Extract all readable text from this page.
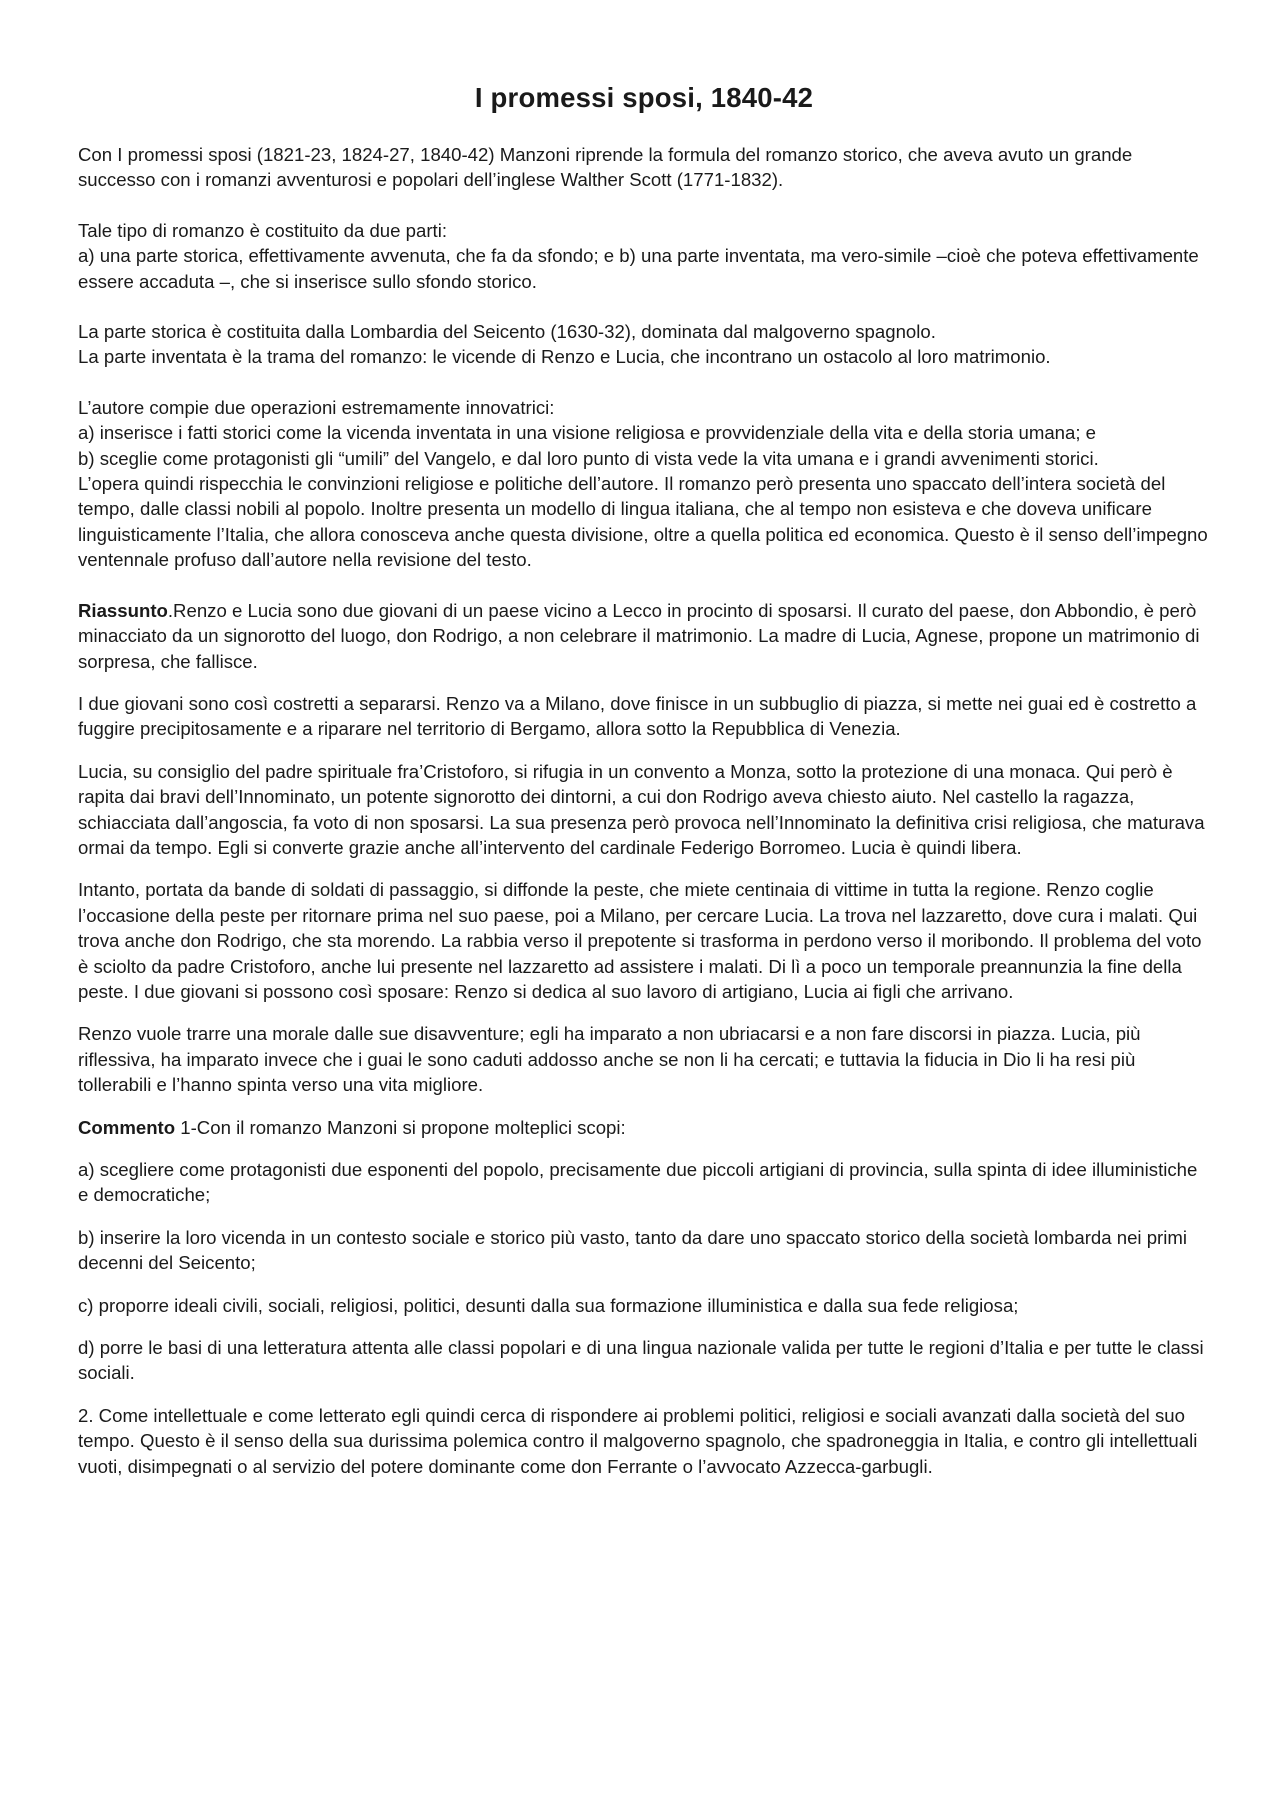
I promessi sposi, 1840-42

Con I promessi sposi (1821-23, 1824-27, 1840-42) Manzoni riprende la formula del romanzo storico, che aveva avuto un grande successo con i romanzi avventurosi e popolari dell’inglese Walther Scott (1771-1832).

Tale tipo di romanzo è costituito da due parti:

a) una parte storica, effettivamente avvenuta, che fa da sfondo; e b) una parte inventata, ma vero-simile –cioè che poteva effettivamente essere accaduta –, che si inserisce sullo sfondo storico.

La parte storica è costituita dalla Lombardia del Seicento (1630-32), dominata dal malgoverno spagnolo.

La parte inventata è la trama del romanzo: le vicende di Renzo e Lucia, che incontrano un ostacolo al loro matrimonio.

L’autore compie due operazioni estremamente innovatrici:

a) inserisce i fatti storici come la vicenda inventata in una visione religiosa e provvidenziale della vita e della storia umana; e

b) sceglie come protagonisti gli “umili” del Vangelo, e dal loro punto di vista vede la vita umana e i grandi avvenimenti storici.

L’opera quindi rispecchia le convinzioni religiose e politiche dell’autore. Il romanzo però presenta uno spaccato dell’intera società del tempo, dalle classi nobili al popolo. Inoltre presenta un modello di lingua italiana, che al tempo non esisteva e che doveva unificare linguisticamente l’Italia, che allora conosceva anche questa divisione, oltre a quella politica ed economica. Questo è il senso dell’impegno ventennale profuso dall’autore nella revisione del testo.

Riassunto.Renzo e Lucia sono due giovani di un paese vicino a Lecco in procinto di sposarsi. Il curato del paese, don Abbondio, è però minacciato da un signorotto del luogo, don Rodrigo, a non celebrare il matrimonio. La madre di Lucia, Agnese, propone un matrimonio di sorpresa, che fallisce.

I due giovani sono così costretti a separarsi. Renzo va a Milano, dove finisce in un subbuglio di piazza, si mette nei guai ed è costretto a fuggire precipitosamente e a riparare nel territorio di Bergamo, allora sotto la Repubblica di Venezia.

Lucia, su consiglio del padre spirituale fra’Cristoforo, si rifugia in un convento a Monza, sotto la protezione di una monaca. Qui però è rapita dai bravi dell’Innominato, un potente signorotto dei dintorni, a cui don Rodrigo aveva chiesto aiuto. Nel castello la ragazza, schiacciata dall’angoscia, fa voto di non sposarsi. La sua presenza però provoca nell’Innominato la definitiva crisi religiosa, che maturava ormai da tempo. Egli si converte grazie anche all’intervento del cardinale Federigo Borromeo. Lucia è quindi libera.

Intanto, portata da bande di soldati di passaggio, si diffonde la peste, che miete centinaia di vittime in tutta la regione. Renzo coglie l’occasione della peste per ritornare prima nel suo paese, poi a Milano, per cercare Lucia. La trova nel lazzaretto, dove cura i malati. Qui trova anche don Rodrigo, che sta morendo. La rabbia verso il prepotente si trasforma in perdono verso il moribondo. Il problema del voto è sciolto da padre Cristoforo, anche lui presente nel lazzaretto ad assistere i malati. Di lì a poco un temporale preannunzia la fine della peste. I due giovani si possono così sposare: Renzo si dedica al suo lavoro di artigiano, Lucia ai figli che arrivano.

Renzo vuole trarre una morale dalle sue disavventure; egli ha imparato a non ubriacarsi e a non fare discorsi in piazza. Lucia, più riflessiva, ha imparato invece che i guai le sono caduti addosso anche se non li ha cercati; e tuttavia la fiducia in Dio li ha resi più tollerabili e l’hanno spinta verso una vita migliore.

Commento 1-Con il romanzo Manzoni si propone molteplici scopi:

a) scegliere come protagonisti due esponenti del popolo, precisamente due piccoli artigiani di provincia, sulla spinta di idee illuministiche e democratiche;

b) inserire la loro vicenda in un contesto sociale e storico più vasto, tanto da dare uno spaccato storico della società lombarda nei primi decenni del Seicento;

c) proporre ideali civili, sociali, religiosi, politici, desunti dalla sua formazione illuministica e dalla sua fede religiosa;

d) porre le basi di una letteratura attenta alle classi popolari e di una lingua nazionale valida per tutte le regioni d’Italia e per tutte le classi sociali.

2. Come intellettuale e come letterato egli quindi cerca di rispondere ai problemi politici, religiosi e sociali avanzati dalla società del suo tempo. Questo è il senso della sua durissima polemica contro il malgoverno spagnolo, che spadroneggia in Italia, e contro gli intellettuali vuoti, disimpegnati o al servizio del potere dominante come don Ferrante o l’avvocato Azzecca-garbugli.
